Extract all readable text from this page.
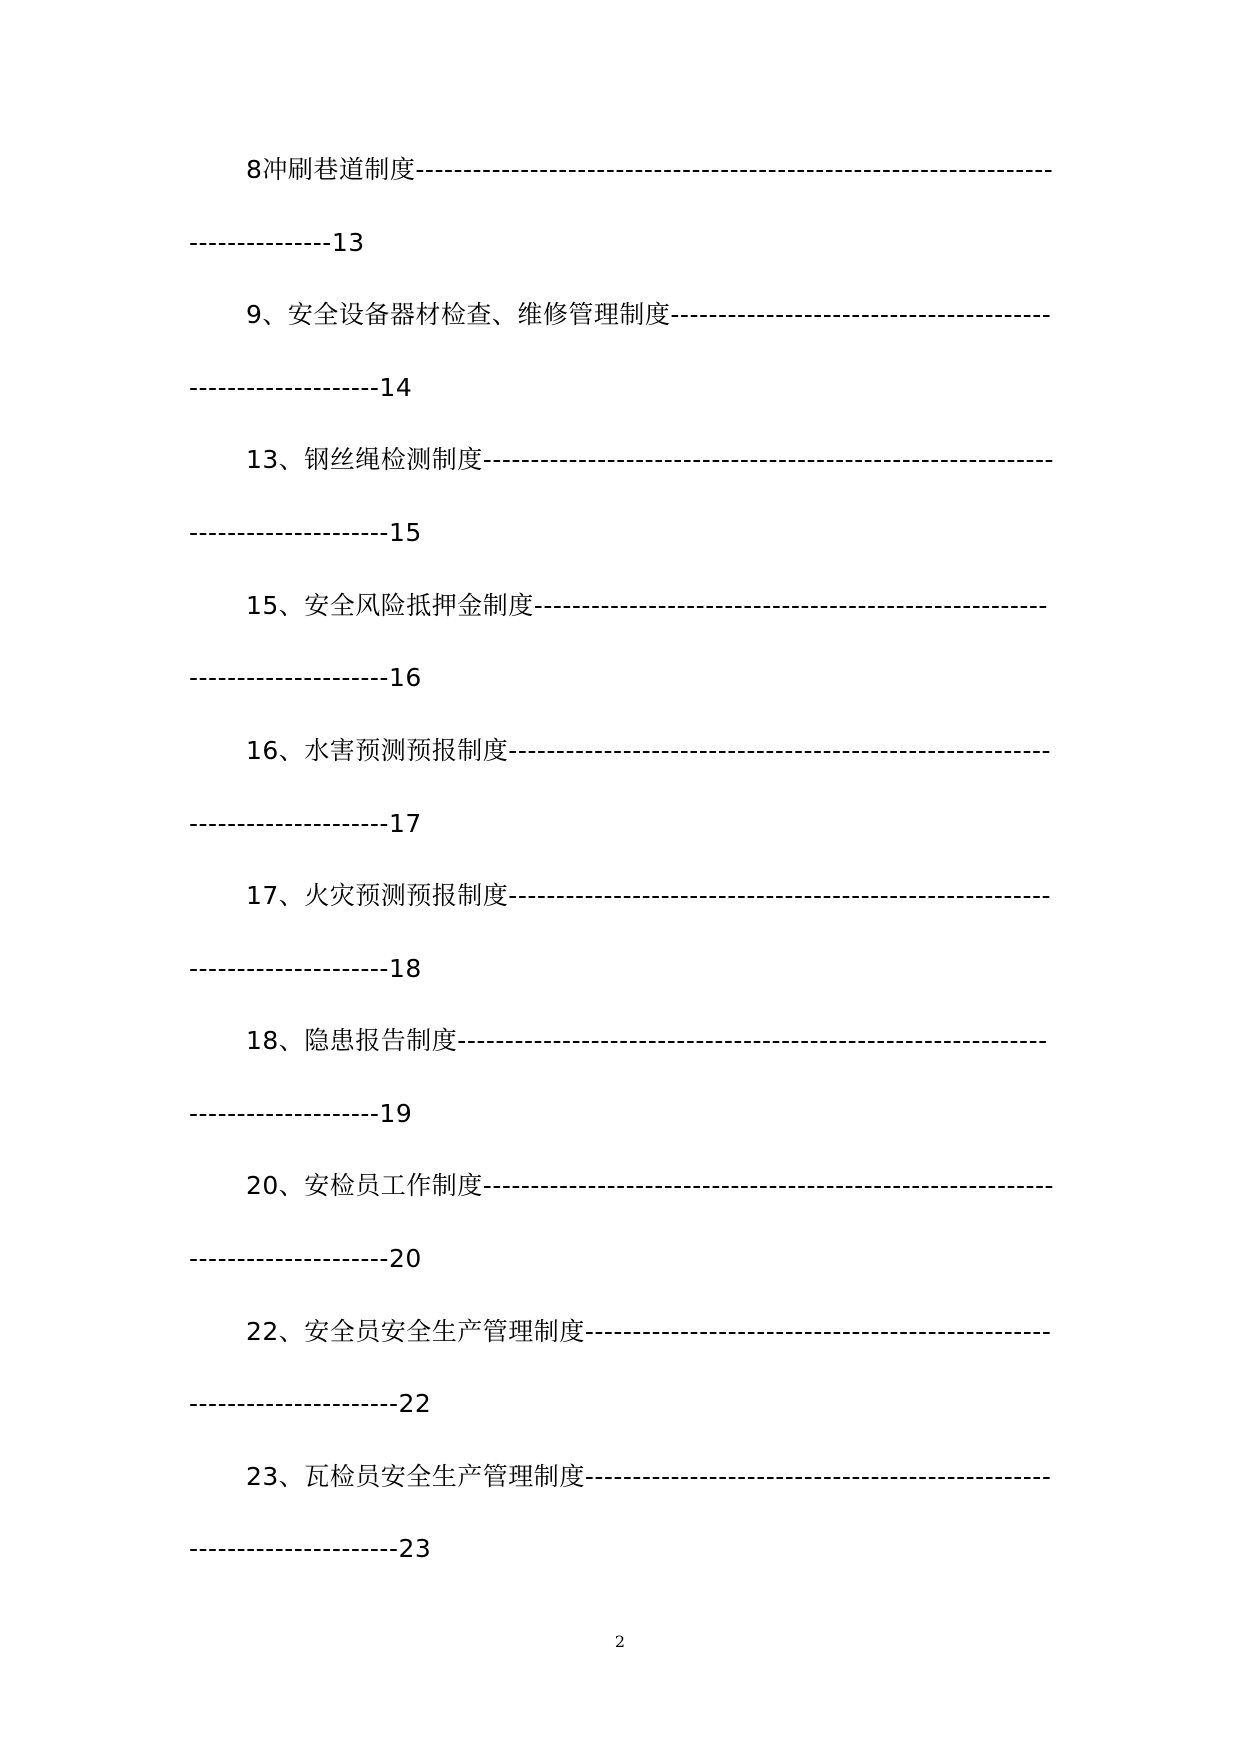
8冲刷巷道制度-------------------------------------------------------------------
---------------13
9、安全设备器材检查、维修管理制度----------------------------------------
--------------------14
13、钢丝绳检测制度------------------------------------------------------------
---------------------15
15、安全风险抵押金制度------------------------------------------------------
---------------------16
16、水害预测预报制度---------------------------------------------------------
---------------------17
17、火灾预测预报制度---------------------------------------------------------
---------------------18
18、隐患报告制度--------------------------------------------------------------
--------------------19
20、安检员工作制度------------------------------------------------------------
---------------------20
22、安全员安全生产管理制度-------------------------------------------------
----------------------22
23、瓦检员安全生产管理制度-------------------------------------------------
----------------------23
2
